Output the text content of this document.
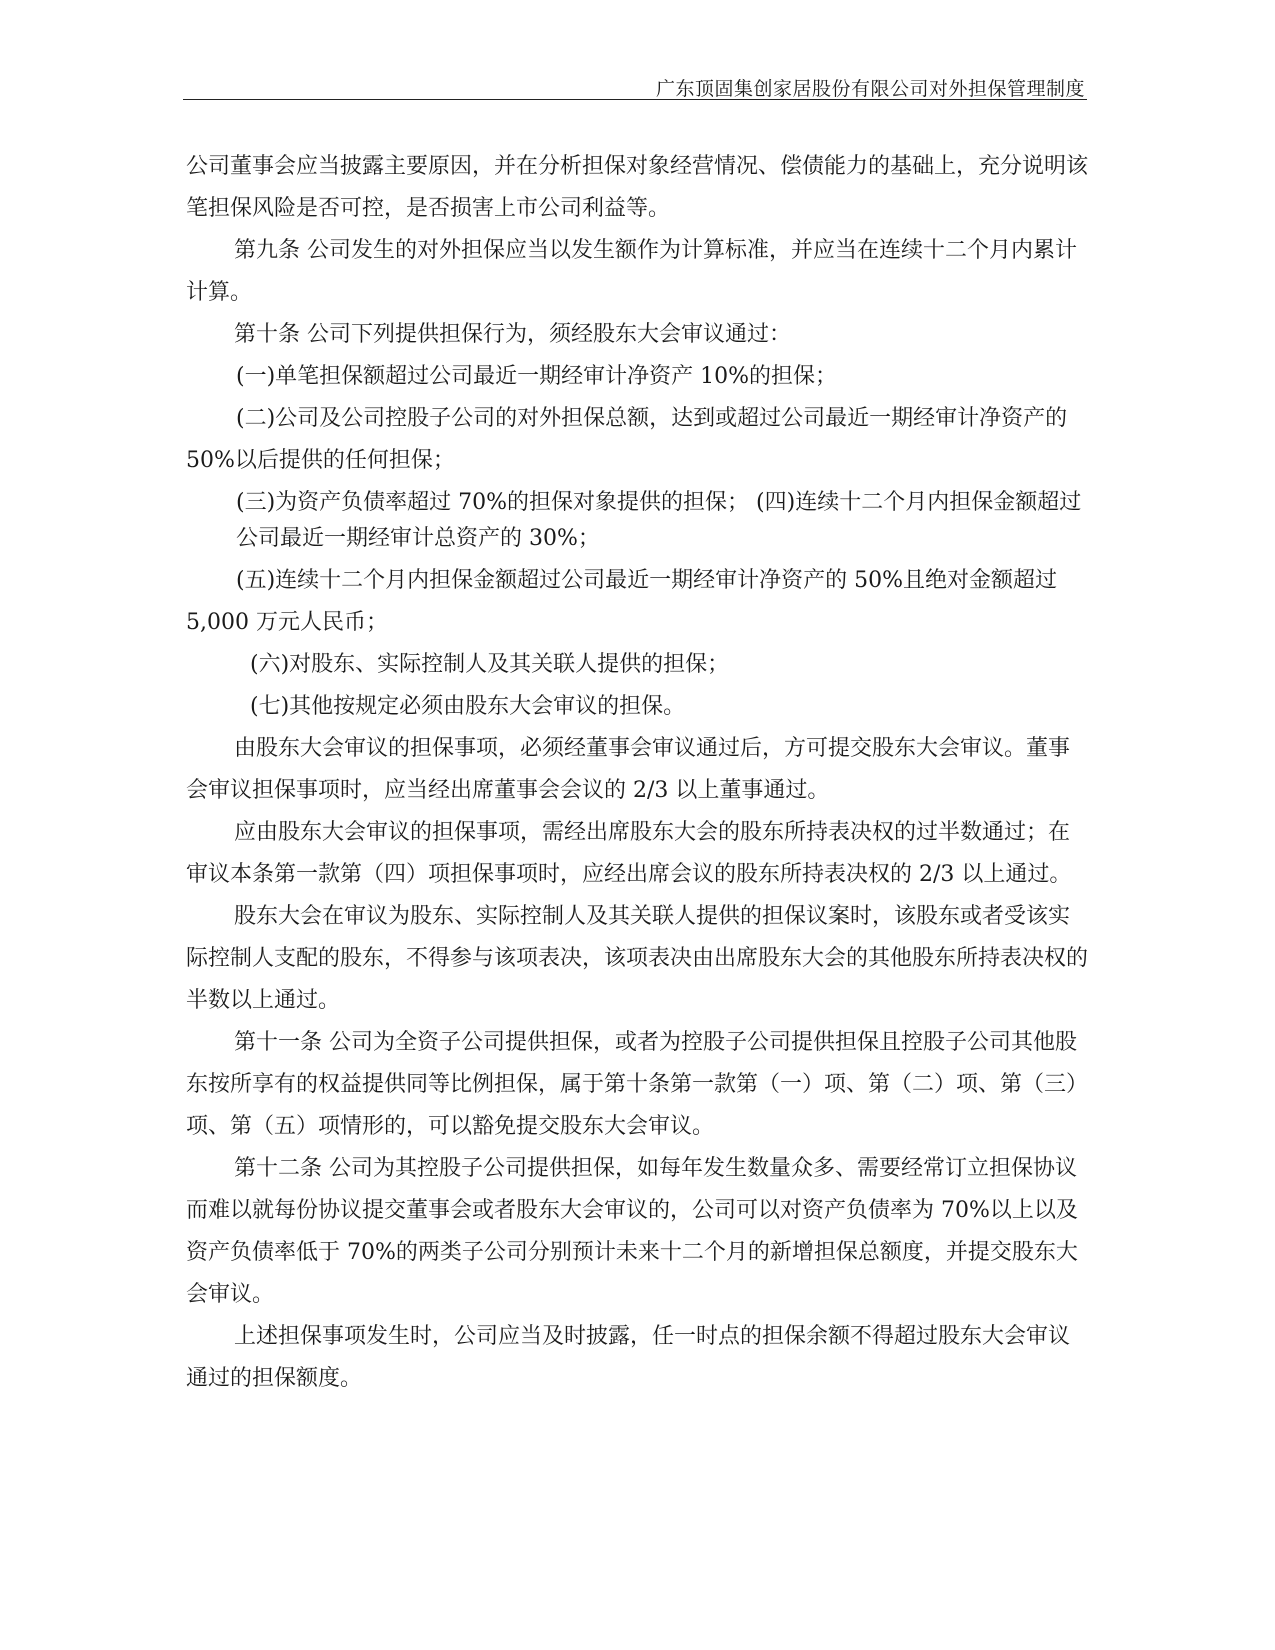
广东顶固集创家居股份有限公司对外担保管理制度

公司董事会应当披露主要原因，并在分析担保对象经营情况、偿债能力的基础上，充分说明该笔担保风险是否可控，是否损害上市公司利益等。

第九条 公司发生的对外担保应当以发生额作为计算标准，并应当在连续十二个月内累计计算。

第十条 公司下列提供担保行为，须经股东大会审议通过：

(一)单笔担保额超过公司最近一期经审计净资产 10%的担保；

(二)公司及公司控股子公司的对外担保总额，达到或超过公司最近一期经审计净资产的 50%以后提供的任何担保；

(三)为资产负债率超过 70%的担保对象提供的担保； (四)连续十二个月内担保金额超过公司最近一期经审计总资产的 30%；

(五)连续十二个月内担保金额超过公司最近一期经审计净资产的 50%且绝对金额超过 5,000 万元人民币；

(六)对股东、实际控制人及其关联人提供的担保；

(七)其他按规定必须由股东大会审议的担保。

由股东大会审议的担保事项，必须经董事会审议通过后，方可提交股东大会审议。董事会审议担保事项时，应当经出席董事会会议的 2/3 以上董事通过。

应由股东大会审议的担保事项，需经出席股东大会的股东所持表决权的过半数通过；在审议本条第一款第（四）项担保事项时，应经出席会议的股东所持表决权的 2/3 以上通过。

股东大会在审议为股东、实际控制人及其关联人提供的担保议案时，该股东或者受该实际控制人支配的股东，不得参与该项表决，该项表决由出席股东大会的其他股东所持表决权的半数以上通过。

第十一条 公司为全资子公司提供担保，或者为控股子公司提供担保且控股子公司其他股东按所享有的权益提供同等比例担保，属于第十条第一款第（一）项、第（二）项、第（三）项、第（五）项情形的，可以豁免提交股东大会审议。

第十二条 公司为其控股子公司提供担保，如每年发生数量众多、需要经常订立担保协议而难以就每份协议提交董事会或者股东大会审议的，公司可以对资产负债率为 70%以上以及资产负债率低于 70%的两类子公司分别预计未来十二个月的新增担保总额度，并提交股东大会审议。

上述担保事项发生时，公司应当及时披露，任一时点的担保余额不得超过股东大会审议通过的担保额度。
